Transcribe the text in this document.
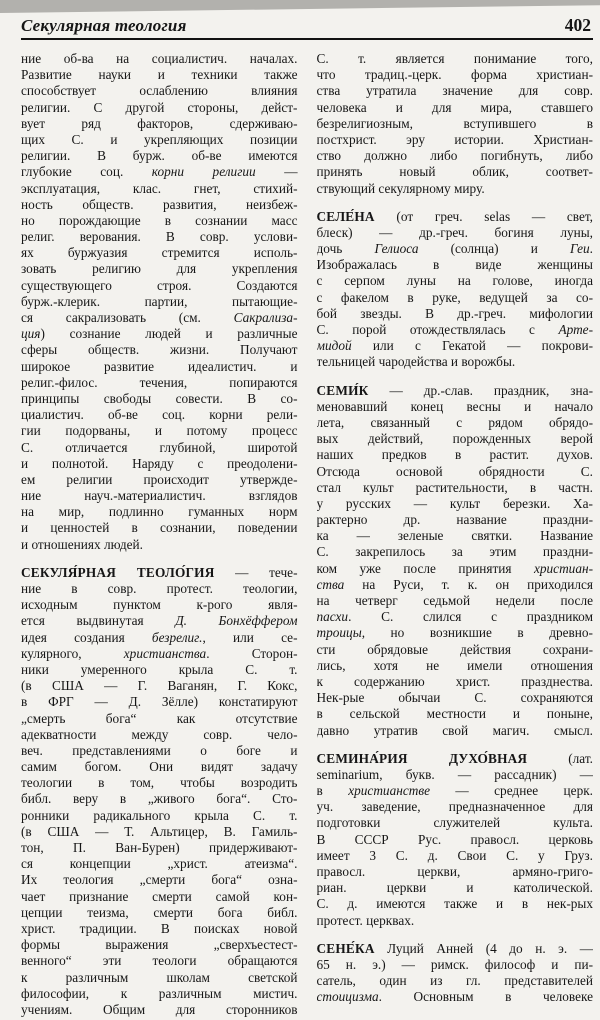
Секулярная теология	402
ние об-ва на социалистич. началах.
Развитие науки и техники также
способствует ослаблению влияния
религии. С другой стороны, дейст-
вует ряд факторов, сдерживаю-
щих С. и укрепляющих позиции
религии. В бурж. об-ве имеются
глубокие соц. корни религии —
эксплуатация, клас. гнет, стихий-
ность обществ. развития, неизбеж-
но порождающие в сознании масс
религ. верования. В совр. услови-
ях буржуазия стремится исполь-
зовать религию для укрепления
существующего строя. Создаются
бурж.-клерик. партии, пытающие-
ся сакрализовать (см. Сакрализа-
ция) сознание людей и различные
сферы обществ. жизни. Получают
широкое развитие идеалистич. и
религ.-филос. течения, попираются
принципы свободы совести. В со-
циалистич. об-ве соц. корни рели-
гии подорваны, и потому процесс
С. отличается глубиной, широтой
и полнотой. Наряду с преодолени-
ем религии происходит утвержде-
ние науч.-материалистич. взглядов
на мир, подлинно гуманных норм
и ценностей в сознании, поведении
и отношениях людей.
СЕКУЛЯ́РНАЯ ТЕОЛО́ГИЯ — тече-
ние в совр. протест. теологии,
исходным пунктом к-рого явля-
ется выдвинутая Д. Бонхёффером
идея создания безрелиг., или се-
кулярного, христианства. Сторон-
ники умеренного крыла С. т.
(в США — Г. Ваганян, Г. Кокс,
в ФРГ — Д. Зёлле) констатируют
„смерть бога“ как отсутствие
адекватности между совр. чело-
веч. представлениями о боге и
самим богом. Они видят задачу
теологии в том, чтобы возродить
библ. веру в „живого бога“. Сто-
ронники радикального крыла С. т.
(в США — Т. Альтицер, В. Гамиль-
тон, П. Ван-Бурен) придерживают-
ся концепции „христ. атеизма“.
Их теология „смерти бога“ озна-
чает признание смерти самой кон-
цепции теизма, смерти бога библ.
христ. традиции. В поисках новой
формы выражения „сверхъестест-
венного“ эти теологи обращаются
к различным школам светской
философии, к различным мистич.
учениям. Общим для сторонников
С. т. является понимание того,
что традиц.-церк. форма христиан-
ства утратила значение для совр.
человека и для мира, ставшего
безрелигиозным, вступившего в
постхрист. эру истории. Христиан-
ство должно либо погибнуть, либо
принять новый облик, соответ-
ствующий секулярному миру.
СЕЛЕ́НА (от греч. selas — свет,
блеск) — др.-греч. богиня луны,
дочь Гелиоса (солнца) и Геи.
Изображалась в виде женщины
с серпом луны на голове, иногда
с факелом в руке, ведущей за со-
бой звезды. В др.-греч. мифологии
С. порой отождествлялась с Арте-
мидой или с Гекатой — покрови-
тельницей чародейства и ворожбы.
СЕМИ́К — др.-слав. праздник, зна-
меновавший конец весны и начало
лета, связанный с рядом обрядо-
вых действий, порожденных верой
наших предков в растит. духов.
Отсюда основой обрядности С.
стал культ растительности, в частн.
у русских — культ березки. Ха-
рактерно др. название праздни-
ка — зеленые святки. Название
С. закрепилось за этим праздни-
ком уже после принятия христиан-
ства на Руси, т. к. он приходился
на четверг седьмой недели после
пасхи. С. слился с праздником
троицы, но возникшие в древно-
сти обрядовые действия сохрани-
лись, хотя не имели отношения
к содержанию христ. празднества.
Нек-рые обычаи С. сохраняются
в сельской местности и поныне,
давно утратив свой магич. смысл.
СЕМИНА́РИЯ ДУХО́ВНАЯ (лат.
seminarium, букв. — рассадник) —
в христианстве — среднее церк.
уч. заведение, предназначенное для
подготовки служителей культа.
В СССР Рус. правосл. церковь
имеет 3 С. д. Свои С. у Груз.
правосл. церкви, армяно-григо-
риан. церкви и католической.
С. д. имеются также и в нек-рых
протест. церквах.
СЕНЕ́КА Луций Анней (4 до н. э. —
65 н. э.) — римск. философ и пи-
сатель, один из гл. представителей
стоицизма. Основным в человеке
